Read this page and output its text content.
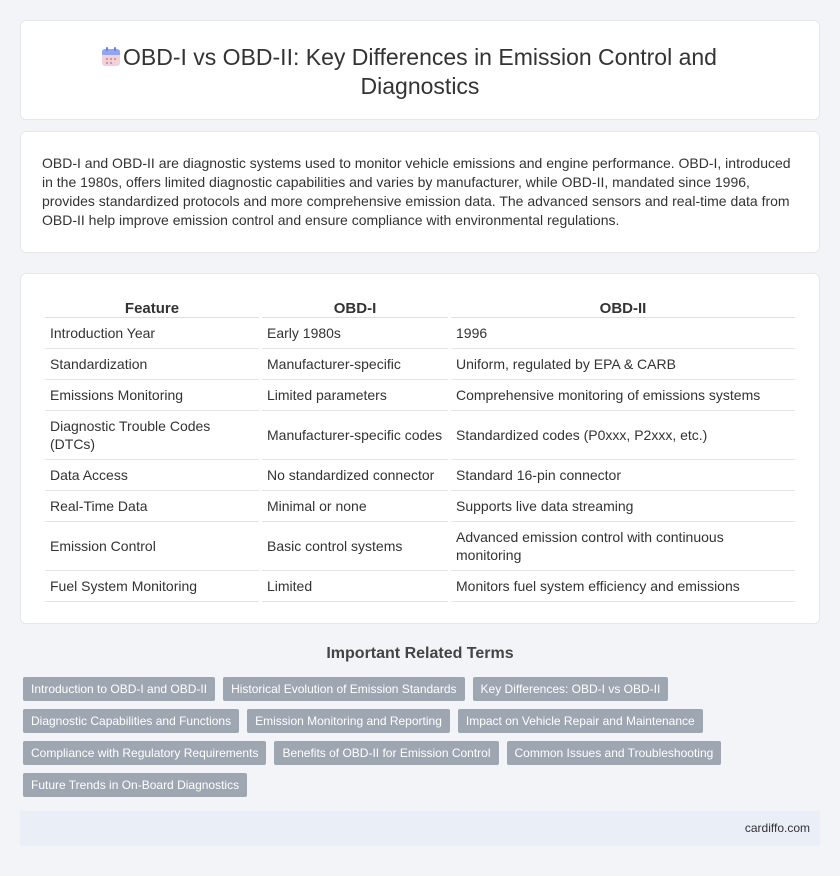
OBD-I vs OBD-II: Key Differences in Emission Control and Diagnostics

OBD-I and OBD-II are diagnostic systems used to monitor vehicle emissions and engine performance. OBD-I, introduced in the 1980s, offers limited diagnostic capabilities and varies by manufacturer, while OBD-II, mandated since 1996, provides standardized protocols and more comprehensive emission data. The advanced sensors and real-time data from OBD-II help improve emission control and ensure compliance with environmental regulations.

Feature	OBD-I	OBD-II
Introduction Year	Early 1980s	1996
Standardization	Manufacturer-specific	Uniform, regulated by EPA & CARB
Emissions Monitoring	Limited parameters	Comprehensive monitoring of emissions systems
Diagnostic Trouble Codes (DTCs)	Manufacturer-specific codes	Standardized codes (P0xxx, P2xxx, etc.)
Data Access	No standardized connector	Standard 16-pin connector
Real-Time Data	Minimal or none	Supports live data streaming
Emission Control	Basic control systems	Advanced emission control with continuous monitoring
Fuel System Monitoring	Limited	Monitors fuel system efficiency and emissions
Important Related Terms
Introduction to OBD-I and OBD-II	Historical Evolution of Emission Standards	Key Differences: OBD-I vs OBD-II
Diagnostic Capabilities and Functions	Emission Monitoring and Reporting	Impact on Vehicle Repair and Maintenance
Compliance with Regulatory Requirements	Benefits of OBD-II for Emission Control	Common Issues and Troubleshooting
Future Trends in On-Board Diagnostics
cardiffo.com
